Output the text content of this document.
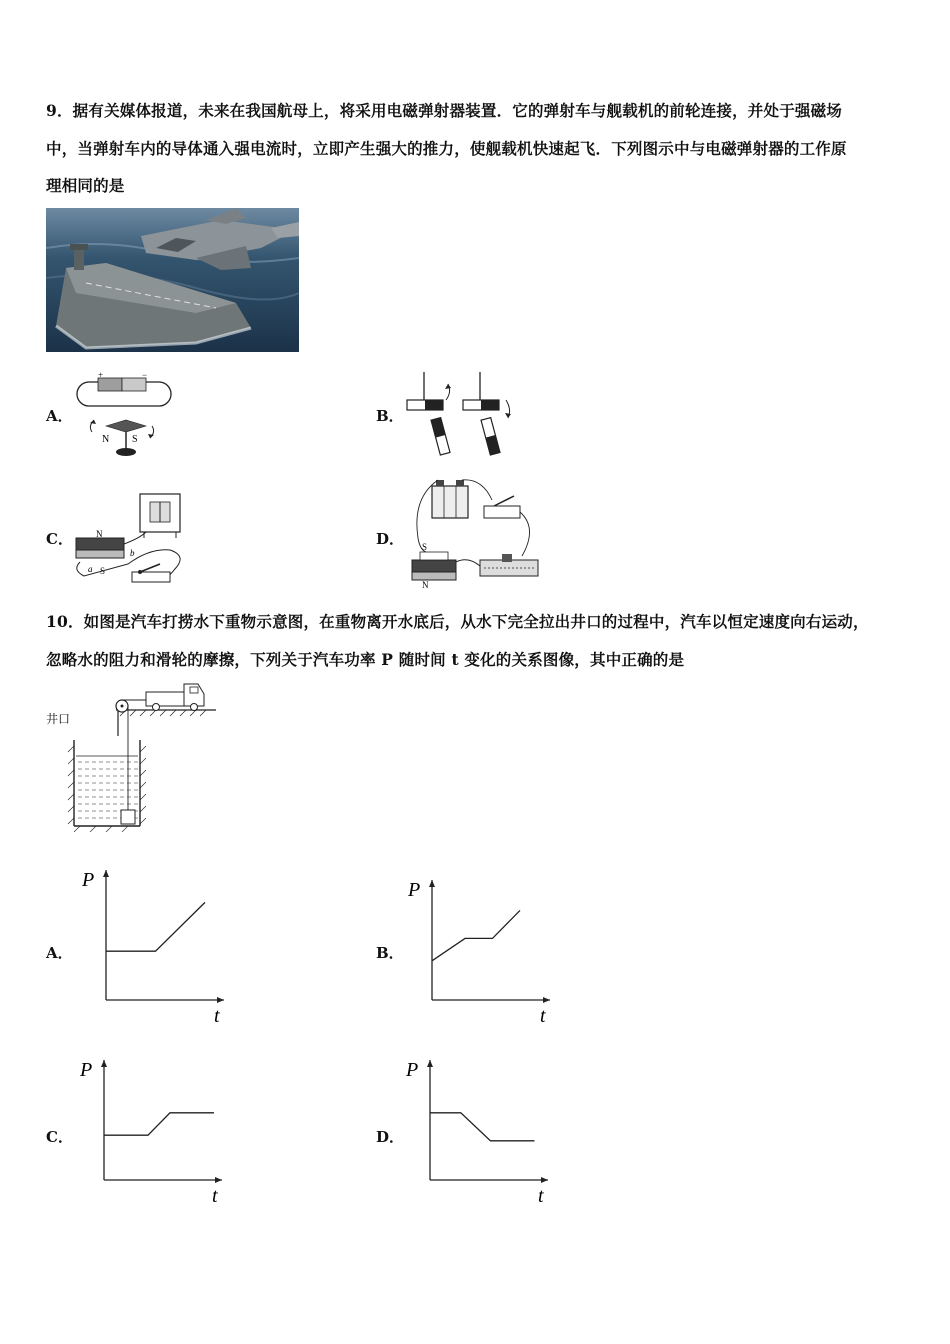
9．据有关媒体报道，未来在我国航母上，将采用电磁弹射器装置．它的弹射车与舰载机的前轮连接，并处于强磁场
中，当弹射车内的导体通入强电流时，立即产生强大的推力，使舰载机快速起飞．下列图示中与电磁弹射器的工作原
理相同的是
A．
+	−
N S
B．
C．	N
S
a
b
D． S
N
10．如图是汽车打捞水下重物示意图，在重物离开水底后，从水下完全拉出井口的过程中，汽车以恒定速度向右运动，
忽略水的阻力和滑轮的摩擦，下列关于汽车功率 P 随时间 t 变化的关系图像，其中正确的是
井口
A．	B．
C．	D．
P
t
P
t
P
t
P
t
